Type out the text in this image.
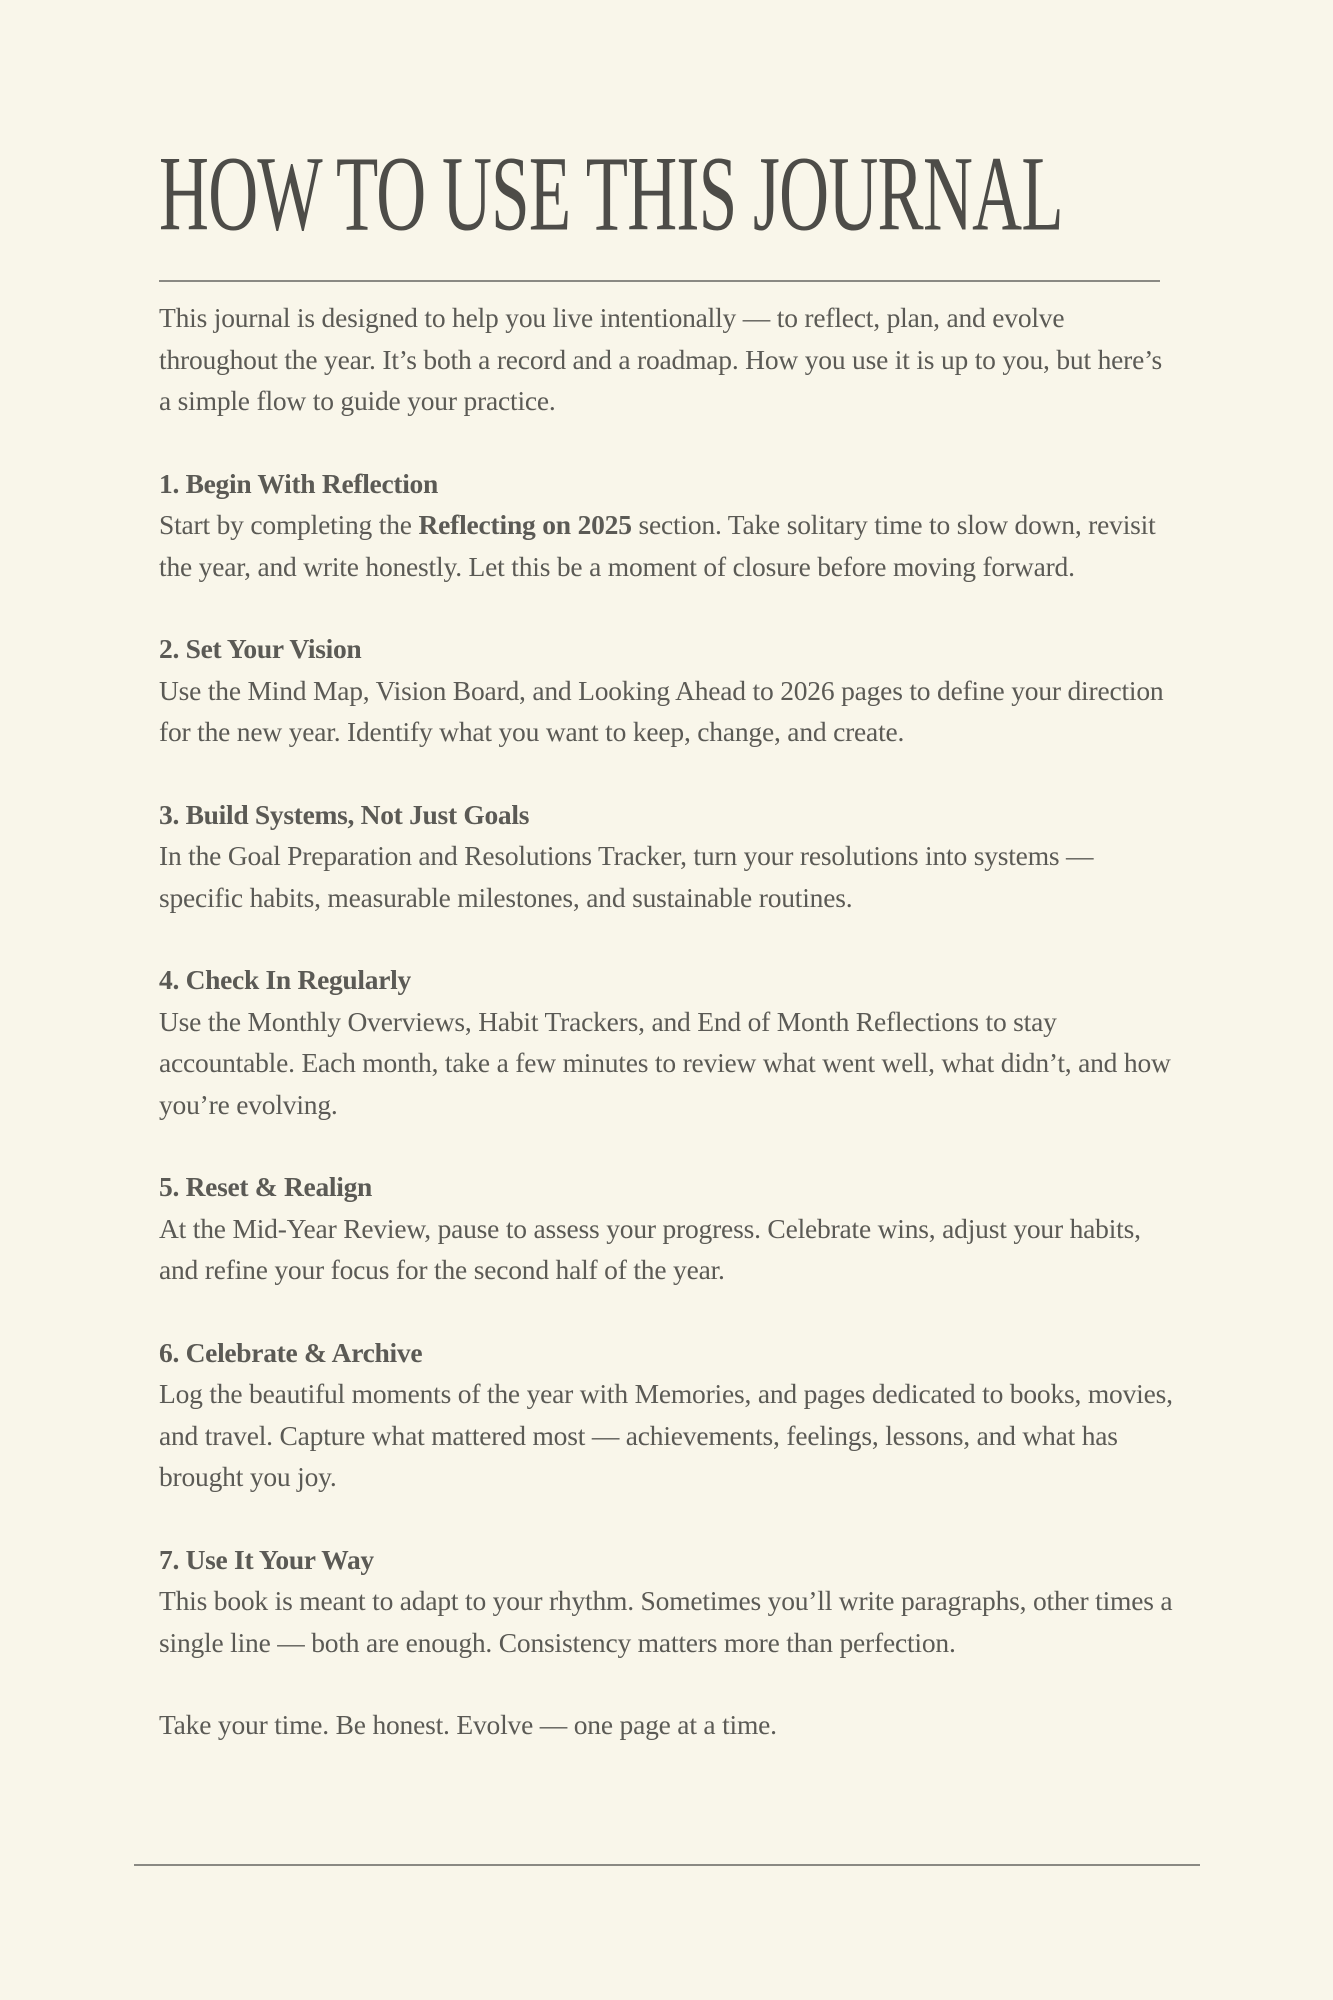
HOW TO USE THIS JOURNAL

This journal is designed to help you live intentionally — to reflect, plan, and evolve throughout the year. It’s both a record and a roadmap. How you use it is up to you, but here’s a simple flow to guide your practice.

1. Begin With Reflection

Start by completing the Reflecting on 2025 section. Take solitary time to slow down, revisit the year, and write honestly. Let this be a moment of closure before moving forward.

2. Set Your Vision

Use the Mind Map, Vision Board, and Looking Ahead to 2026 pages to define your direction for the new year. Identify what you want to keep, change, and create.

3. Build Systems, Not Just Goals

In the Goal Preparation and Resolutions Tracker, turn your resolutions into systems — specific habits, measurable milestones, and sustainable routines.

4. Check In Regularly

Use the Monthly Overviews, Habit Trackers, and End of Month Reflections to stay accountable. Each month, take a few minutes to review what went well, what didn’t, and how you’re evolving.

5. Reset & Realign

At the Mid-Year Review, pause to assess your progress. Celebrate wins, adjust your habits, and refine your focus for the second half of the year.

6. Celebrate & Archive

Log the beautiful moments of the year with Memories, and pages dedicated to books, movies, and travel. Capture what mattered most — achievements, feelings, lessons, and what has brought you joy.

7. Use It Your Way

This book is meant to adapt to your rhythm. Sometimes you’ll write paragraphs, other times a single line — both are enough. Consistency matters more than perfection.

Take your time. Be honest. Evolve — one page at a time.
